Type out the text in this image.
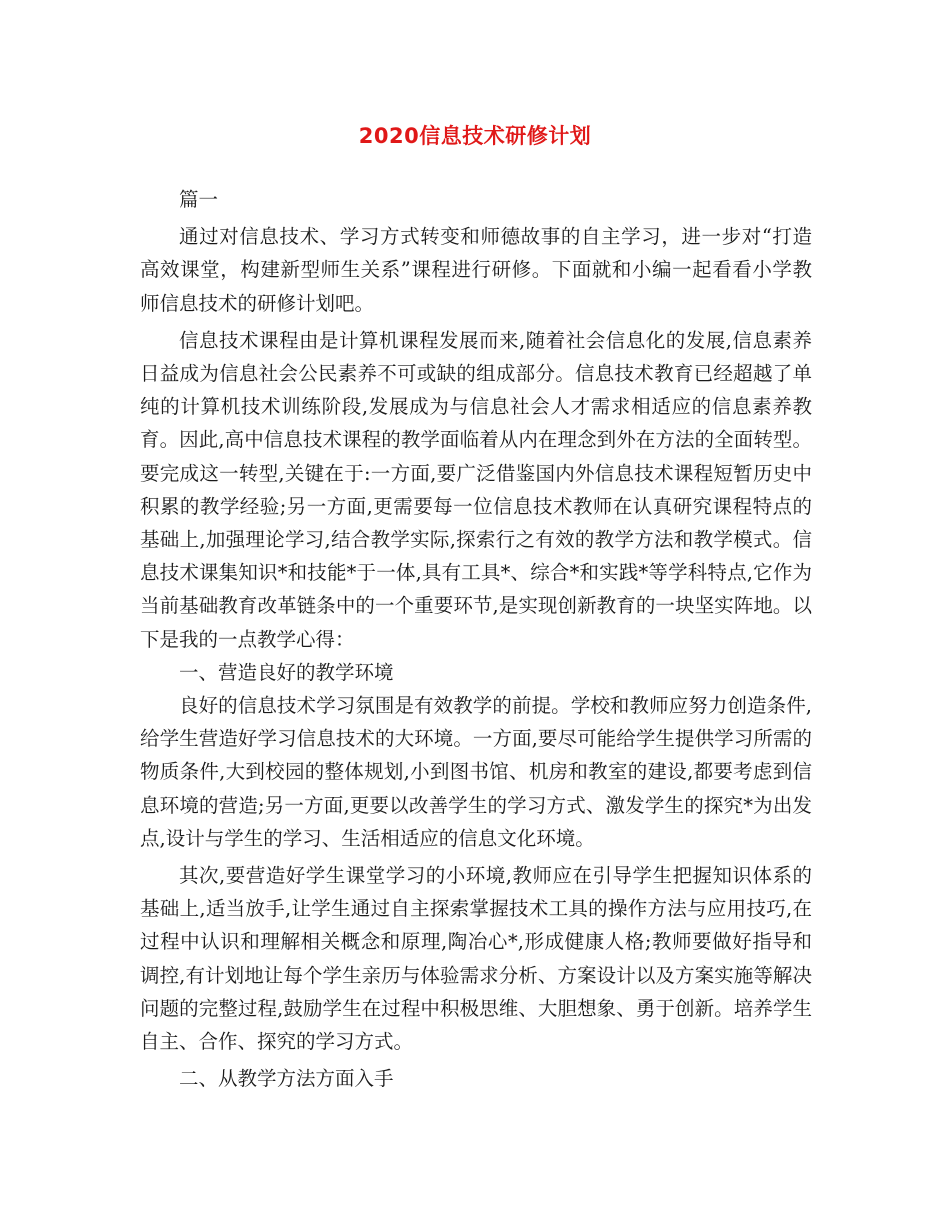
2020信息技术研修计划

篇一

通过对信息技术、学习方式转变和师德故事的自主学习，进一步对“打造高效课堂，构建新型师生关系”课程进行研修。下面就和小编一起看看小学教师信息技术的研修计划吧。

信息技术课程由是计算机课程发展而来,随着社会信息化的发展,信息素养日益成为信息社会公民素养不可或缺的组成部分。信息技术教育已经超越了单纯的计算机技术训练阶段,发展成为与信息社会人才需求相适应的信息素养教育。因此,高中信息技术课程的教学面临着从内在理念到外在方法的全面转型。要完成这一转型,关键在于:一方面,要广泛借鉴国内外信息技术课程短暂历史中积累的教学经验;另一方面,更需要每一位信息技术教师在认真研究课程特点的基础上,加强理论学习,结合教学实际,探索行之有效的教学方法和教学模式。信息技术课集知识*和技能*于一体,具有工具*、综合*和实践*等学科特点,它作为当前基础教育改革链条中的一个重要环节,是实现创新教育的一块坚实阵地。以下是我的一点教学心得：

一、营造良好的教学环境

良好的信息技术学习氛围是有效教学的前提。学校和教师应努力创造条件,给学生营造好学习信息技术的大环境。一方面,要尽可能给学生提供学习所需的物质条件,大到校园的整体规划,小到图书馆、机房和教室的建设,都要考虑到信息环境的营造;另一方面,更要以改善学生的学习方式、激发学生的探究*为出发点,设计与学生的学习、生活相适应的信息文化环境。

其次,要营造好学生课堂学习的小环境,教师应在引导学生把握知识体系的基础上,适当放手,让学生通过自主探索掌握技术工具的操作方法与应用技巧,在过程中认识和理解相关概念和原理,陶冶心*,形成健康人格;教师要做好指导和调控,有计划地让每个学生亲历与体验需求分析、方案设计以及方案实施等解决问题的完整过程,鼓励学生在过程中积极思维、大胆想象、勇于创新。培养学生自主、合作、探究的学习方式。

二、从教学方法方面入手
